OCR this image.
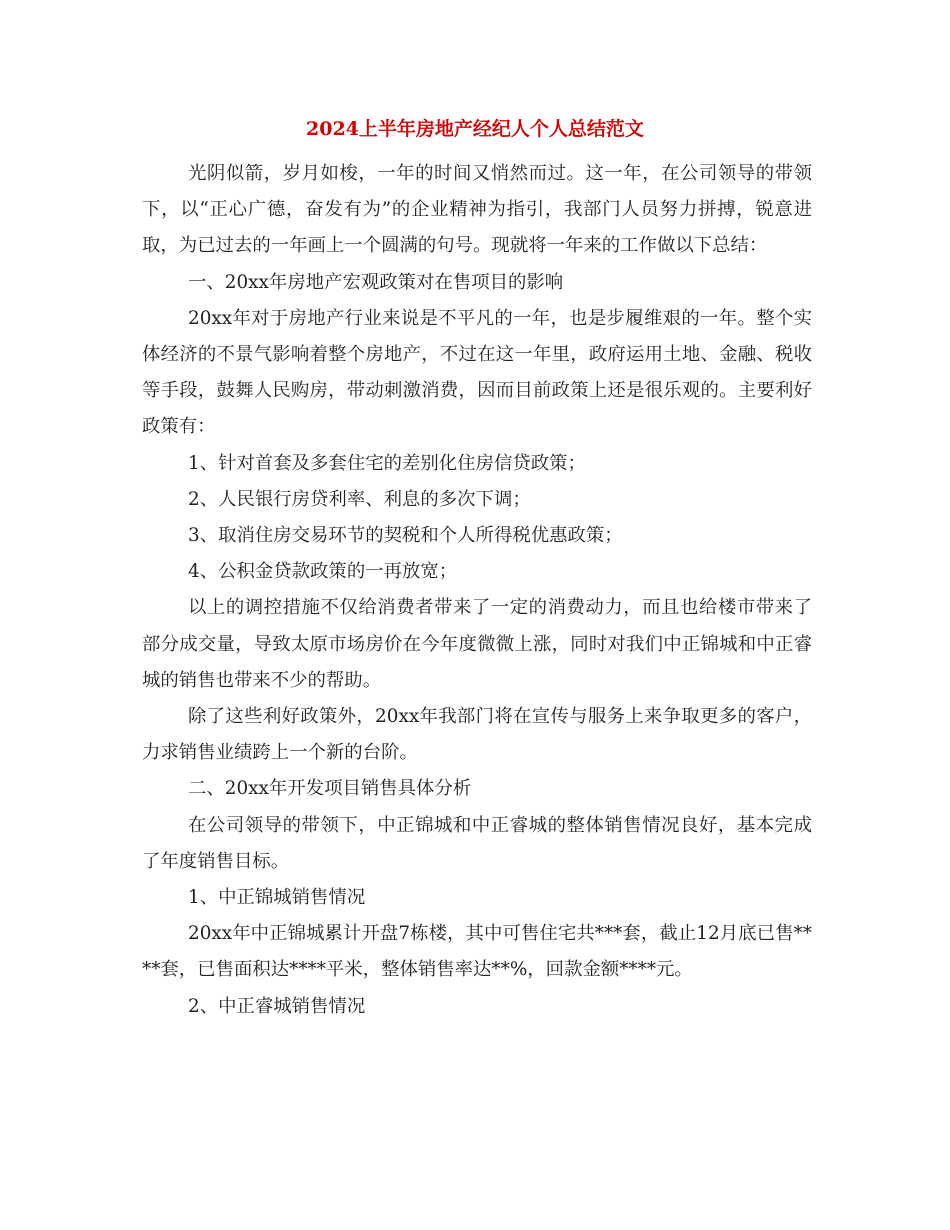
2024上半年房地产经纪人个人总结范文

光阴似箭，岁月如梭，一年的时间又悄然而过。这一年，在公司领导的带领下，以“正心广德，奋发有为”的企业精神为指引，我部门人员努力拼搏，锐意进取，为已过去的一年画上一个圆满的句号。现就将一年来的工作做以下总结：

一、20xx年房地产宏观政策对在售项目的影响

20xx年对于房地产行业来说是不平凡的一年，也是步履维艰的一年。整个实体经济的不景气影响着整个房地产，不过在这一年里，政府运用土地、金融、税收等手段，鼓舞人民购房，带动刺激消费，因而目前政策上还是很乐观的。主要利好政策有：

1、针对首套及多套住宅的差别化住房信贷政策；

2、人民银行房贷利率、利息的多次下调；

3、取消住房交易环节的契税和个人所得税优惠政策；

4、公积金贷款政策的一再放宽；

以上的调控措施不仅给消费者带来了一定的消费动力，而且也给楼市带来了部分成交量，导致太原市场房价在今年度微微上涨，同时对我们中正锦城和中正睿城的销售也带来不少的帮助。

除了这些利好政策外，20xx年我部门将在宣传与服务上来争取更多的客户，力求销售业绩跨上一个新的台阶。

二、20xx年开发项目销售具体分析

在公司领导的带领下，中正锦城和中正睿城的整体销售情况良好，基本完成了年度销售目标。

1、中正锦城销售情况

20xx年中正锦城累计开盘7栋楼，其中可售住宅共***套，截止12月底已售****套，已售面积达****平米，整体销售率达**%，回款金额****元。

2、中正睿城销售情况
